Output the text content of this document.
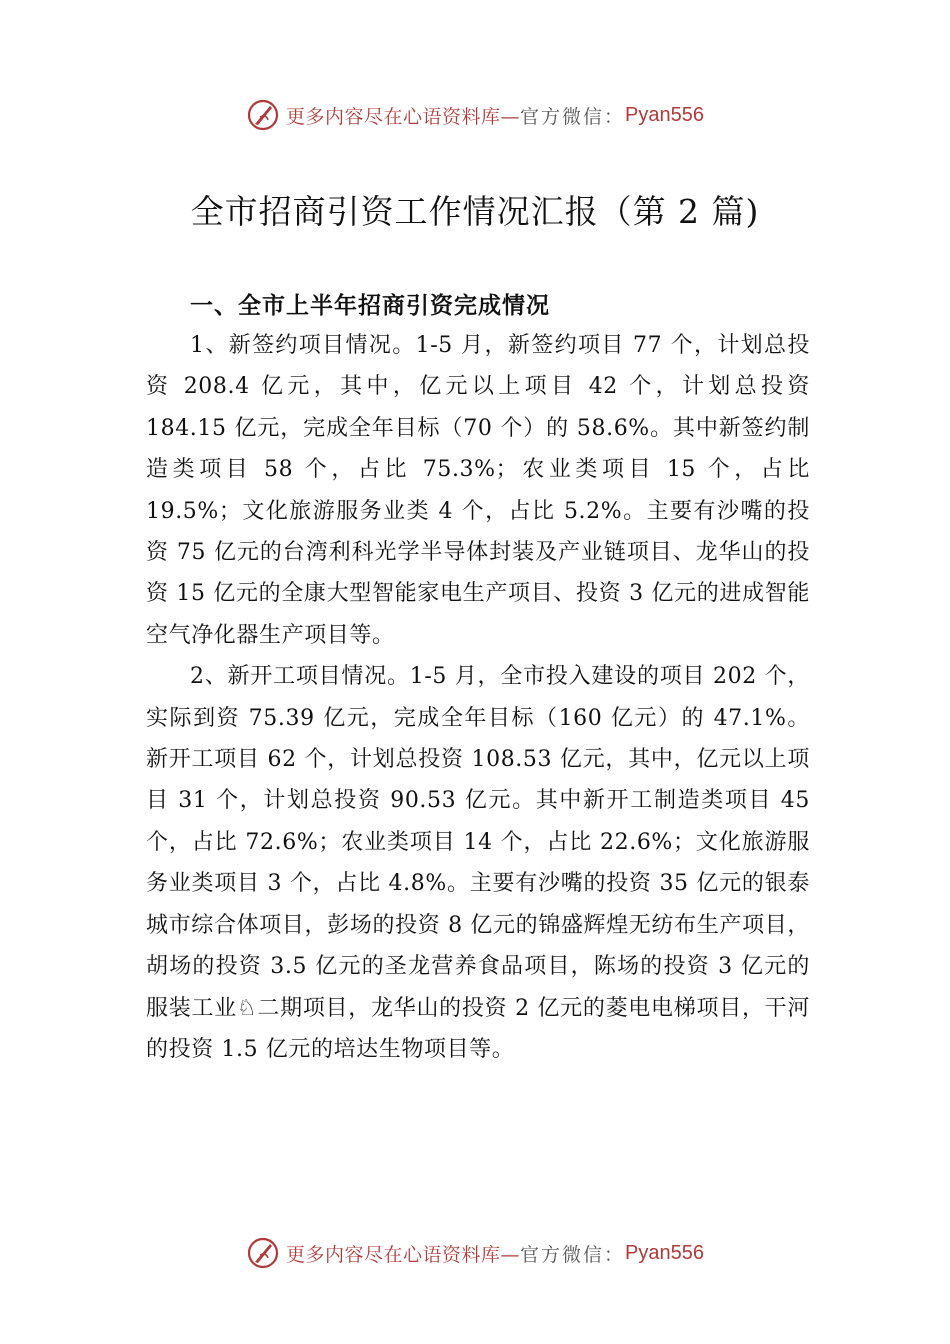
更多内容尽在心语资料库— 官方微信： Pyan556
全市招商引资工作情况汇报（第 2 篇)
一、全市上半年招商引资完成情况

1、新签约项目情况。1-5 月，新签约项目 77 个，计划总投资 208.4 亿元，其中，亿元以上项目 42 个，计划总投资 184.15 亿元，完成全年目标（70 个）的 58.6%。其中新签约制造类项目 58 个，占比 75.3%；农业类项目 15 个，占比 19.5%；文化旅游服务业类 4 个，占比 5.2%。主要有沙嘴的投资 75 亿元的台湾利科光学半导体封装及产业链项目、龙华山的投资 15 亿元的全康大型智能家电生产项目、投资 3 亿元的进成智能空气净化器生产项目等。

2、新开工项目情况。1-5 月，全市投入建设的项目 202 个，实际到资 75.39 亿元，完成全年目标（160 亿元）的 47.1%。新开工项目 62 个，计划总投资 108.53 亿元，其中，亿元以上项目 31 个，计划总投资 90.53 亿元。其中新开工制造类项目 45 个，占比 72.6%；农业类项目 14 个，占比 22.6%；文化旅游服务业类项目 3 个，占比 4.8%。主要有沙嘴的投资 35 亿元的银泰城市综合体项目，彭场的投资 8 亿元的锦盛辉煌无纺布生产项目，胡场的投资 3.5 亿元的圣龙营养食品项目，陈场的投资 3 亿元的服装工业♘二期项目，龙华山的投资 2 亿元的菱电电梯项目，干河的投资 1.5 亿元的培达生物项目等。

更多内容尽在心语资料库— 官方微信： Pyan556
